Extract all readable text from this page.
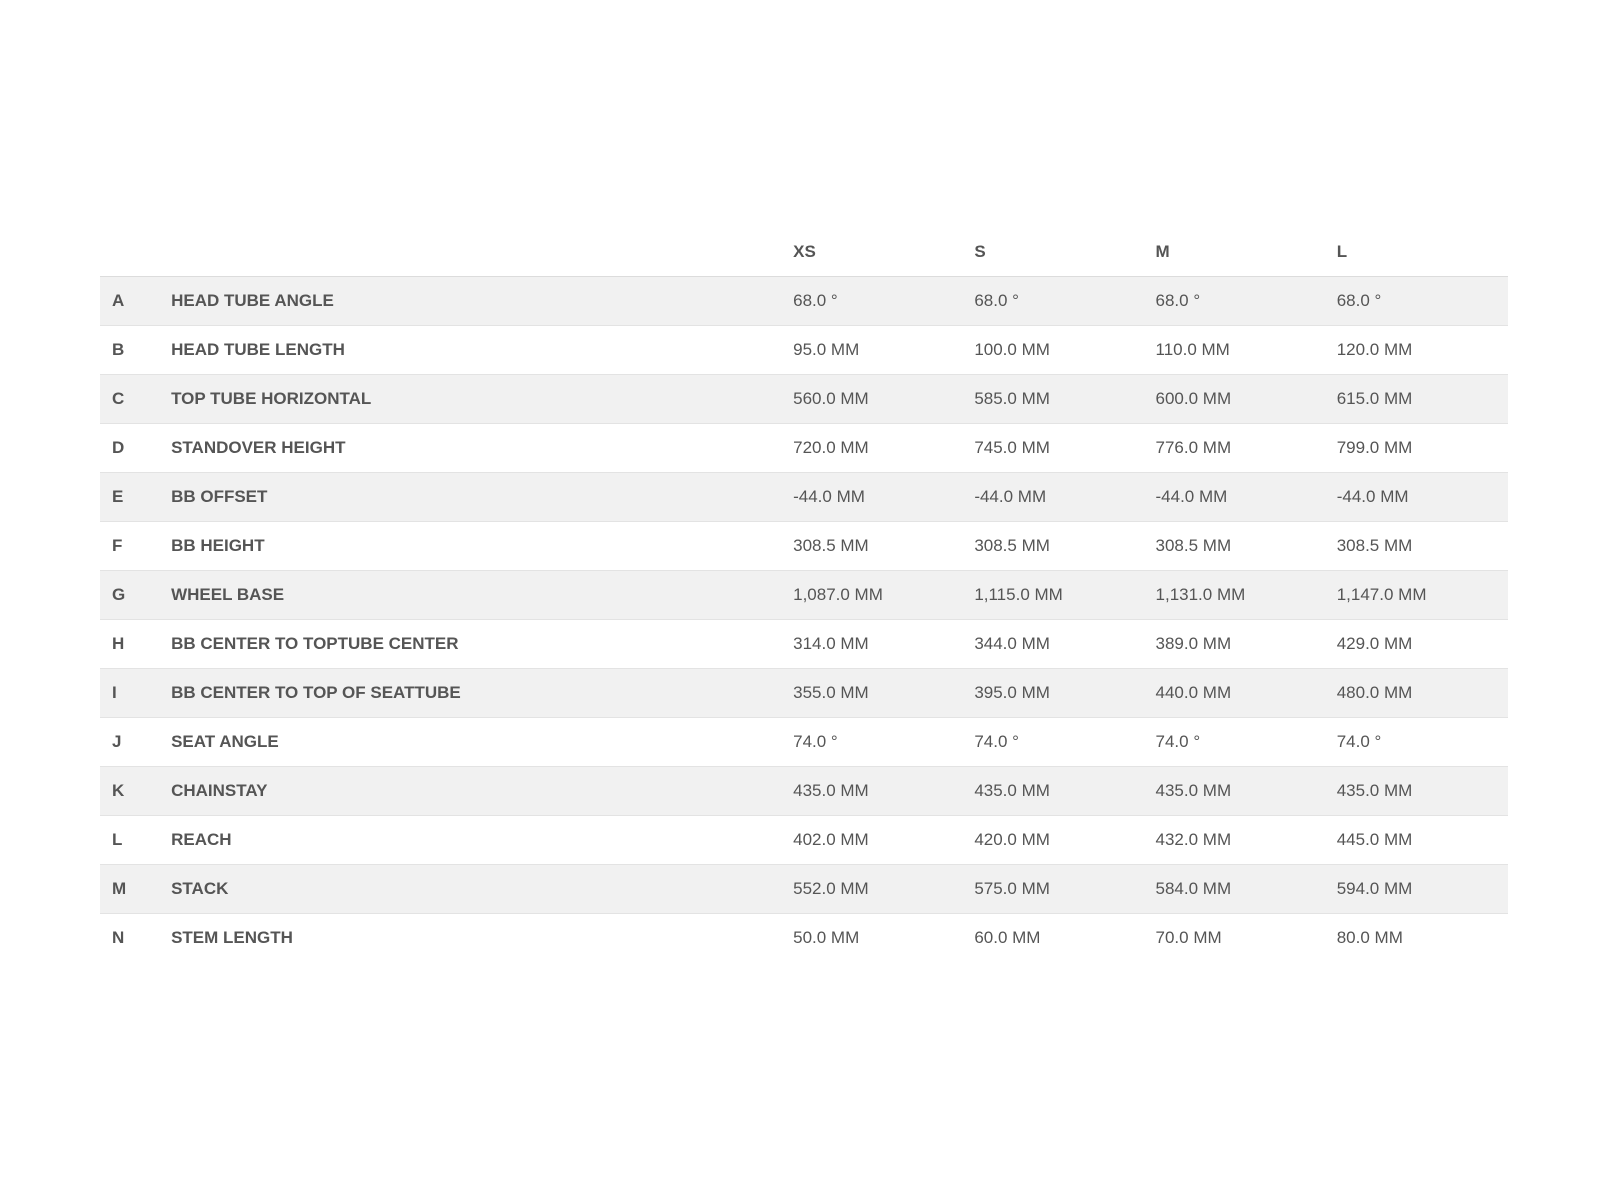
		XS	S	M	L
A	HEAD TUBE ANGLE	68.0 °	68.0 °	68.0 °	68.0 °
B	HEAD TUBE LENGTH	95.0 MM	100.0 MM	110.0 MM	120.0 MM
C	TOP TUBE HORIZONTAL	560.0 MM	585.0 MM	600.0 MM	615.0 MM
D	STANDOVER HEIGHT	720.0 MM	745.0 MM	776.0 MM	799.0 MM
E	BB OFFSET	-44.0 MM	-44.0 MM	-44.0 MM	-44.0 MM
F	BB HEIGHT	308.5 MM	308.5 MM	308.5 MM	308.5 MM
G	WHEEL BASE	1,087.0 MM	1,115.0 MM	1,131.0 MM	1,147.0 MM
H	BB CENTER TO TOPTUBE CENTER	314.0 MM	344.0 MM	389.0 MM	429.0 MM
I	BB CENTER TO TOP OF SEATTUBE	355.0 MM	395.0 MM	440.0 MM	480.0 MM
J	SEAT ANGLE	74.0 °	74.0 °	74.0 °	74.0 °
K	CHAINSTAY	435.0 MM	435.0 MM	435.0 MM	435.0 MM
L	REACH	402.0 MM	420.0 MM	432.0 MM	445.0 MM
M	STACK	552.0 MM	575.0 MM	584.0 MM	594.0 MM
N	STEM LENGTH	50.0 MM	60.0 MM	70.0 MM	80.0 MM
